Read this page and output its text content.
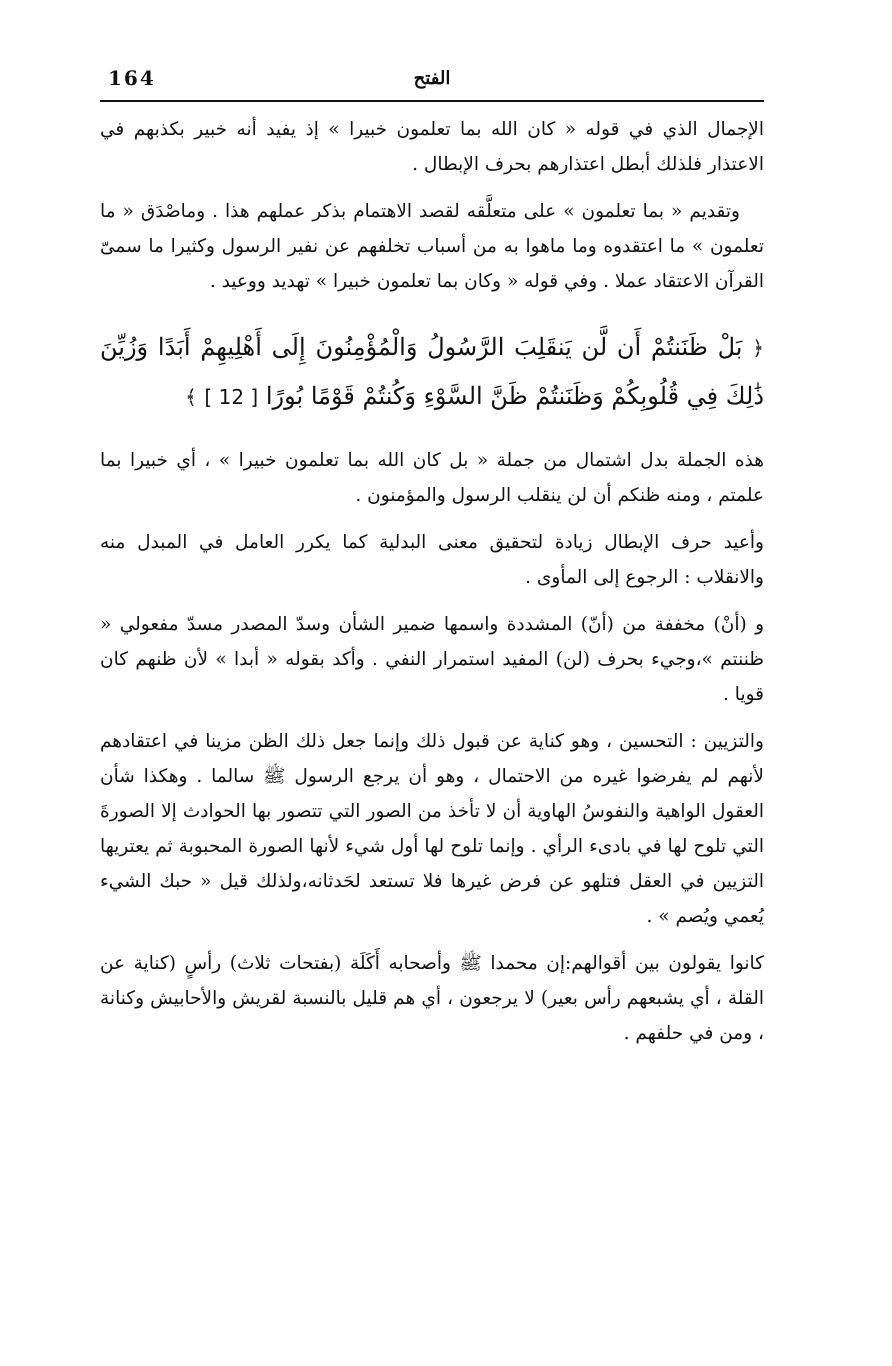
164	الفتح

الإجمال الذي في قوله « كان الله بما تعلمون خبيرا » إذ يفيد أنه خبير بكذبهم في الاعتذار فلذلك أبطل اعتذارهم بحرف الإبطال .

وتقديم « بما تعلمون » على متعلَّقه لقصد الاهتمام بذكر عملهم هذا . وماصْدَق « ما تعلمون » ما اعتقدوه وما ماهوا به من أسباب تخلفهم عن نفير الرسول وكثيرا ما سمىّ القرآن الاعتقاد عملا . وفي قوله « وكان بما تعلمون خبيرا » تهديد ووعيد .

﴿ بَلْ ظَنَنتُمْ أَن لَّن يَنقَلِبَ الرَّسُولُ وَالْمُؤْمِنُونَ إِلَى أَهْلِيهِمْ أَبَدًا وَزُيِّنَ ذَٰلِكَ فِي قُلُوبِكُمْ وَظَنَنتُمْ ظَنَّ السَّوْءِ وَكُنتُمْ قَوْمًا بُورًا [ 12 ] ﴾

هذه الجملة بدل اشتمال من جملة « بل كان الله بما تعلمون خبيرا » ، أي خبيرا بما علمتم ، ومنه ظنكم أن لن ينقلب الرسول والمؤمنون .

وأعيد حرف الإبطال زيادة لتحقيق معنى البدلية كما يكرر العامل في المبدل منه والانقلاب : الرجوع إلى المأوى .

و (أنْ) مخففة من (أنّ) المشددة واسمها ضمير الشأن وسدّ المصدر مسدّ مفعولي « ظننتم »،وجيء بحرف (لن) المفيد استمرار النفي . وأكد بقوله « أبدا » لأن ظنهم كان قويا .

والتزيين : التحسين ، وهو كناية عن قبول ذلك وإنما جعل ذلك الظن مزينا في اعتقادهم لأنهم لم يفرضوا غيره من الاحتمال ، وهو أن يرجع الرسول ﷺ سالما . وهكذا شأن العقول الواهية والنفوسُ الهاوية أن لا تأخذ من الصور التي تتصور بها الحوادث إلا الصورةَ التي تلوح لها في بادىء الرأي . وإنما تلوح لها أول شيء لأنها الصورة المحبوبة ثم يعتريها التزيين في العقل فتلهو عن فرض غيرها فلا تستعد لحَدثانه،ولذلك قيل « حبك الشيء يُعمي ويُصم » .

كانوا يقولون بين أقوالهم:إن محمدا ﷺ وأصحابه أَكَلَة (بفتحات ثلاث) رأسٍ (كناية عن القلة ، أي يشبعهم رأس بعير) لا يرجعون ، أي هم قليل بالنسبة لقريش والأحابيش وكنانة ، ومن في حلفهم .
